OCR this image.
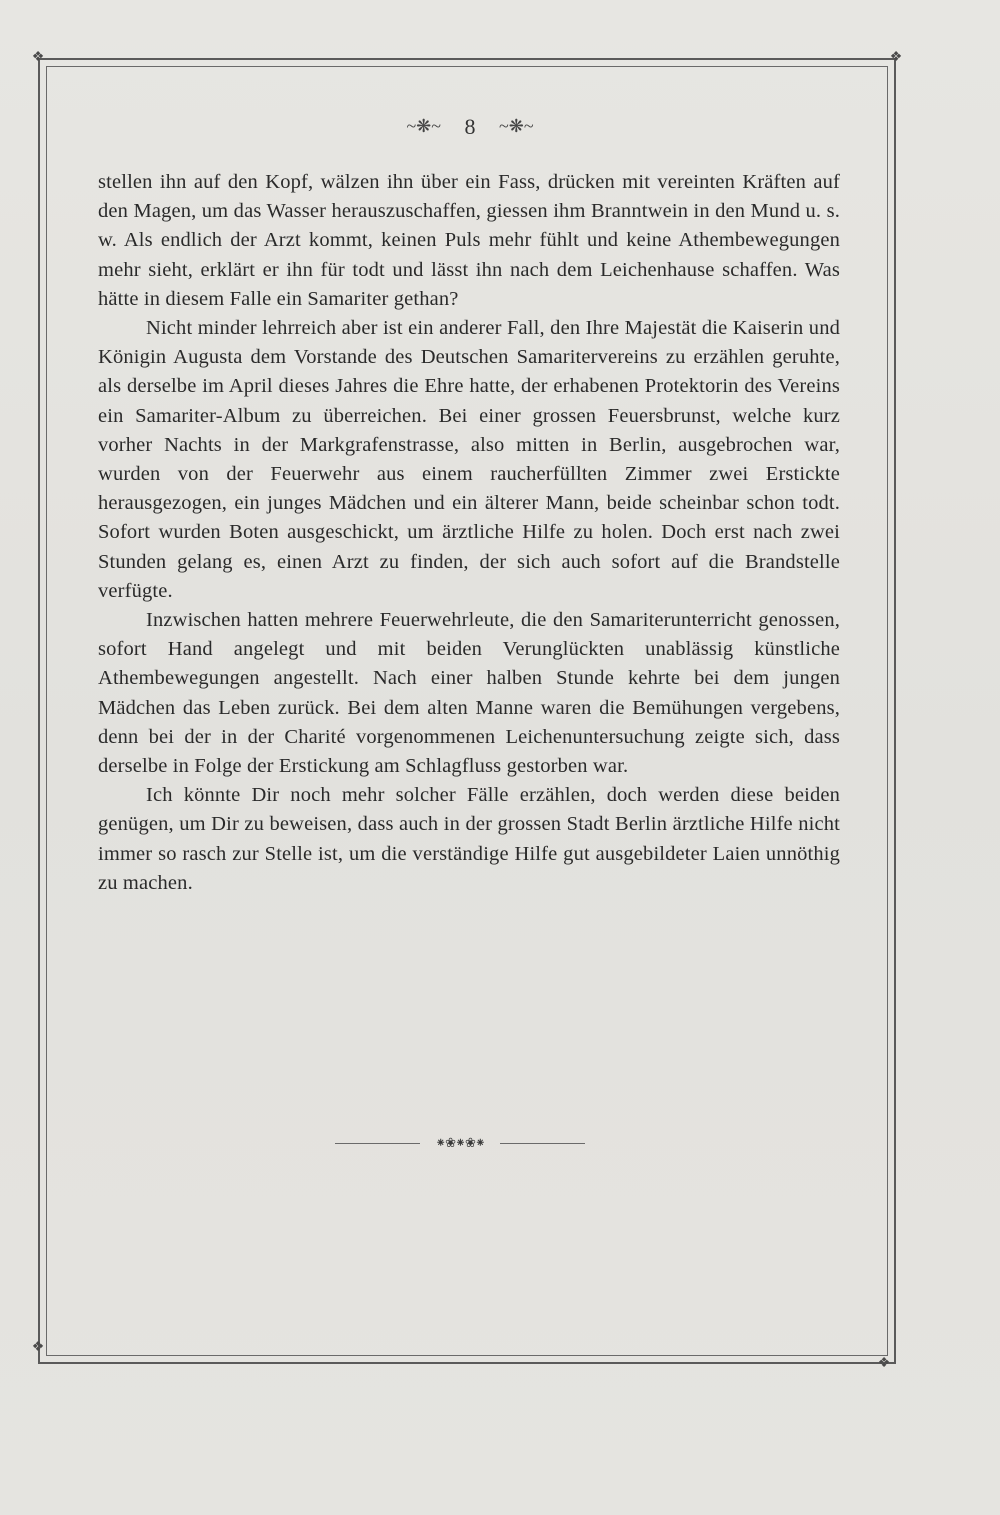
❖	❖
❖
❖
~❋~ 8 ~❋~

stellen ihn auf den Kopf, wälzen ihn über ein Fass, drücken mit vereinten Kräften auf den Magen, um das Wasser herauszuschaffen, giessen ihm Branntwein in den Mund u. s. w. Als endlich der Arzt kommt, keinen Puls mehr fühlt und keine Athembewegungen mehr sieht, erklärt er ihn für todt und lässt ihn nach dem Leichenhause schaffen. Was hätte in diesem Falle ein Samariter gethan?

Nicht minder lehrreich aber ist ein anderer Fall, den Ihre Majestät die Kaiserin und Königin Augusta dem Vorstande des Deutschen Samaritervereins zu erzählen geruhte, als derselbe im April dieses Jahres die Ehre hatte, der erhabenen Protektorin des Vereins ein Samariter-Album zu überreichen. Bei einer grossen Feuersbrunst, welche kurz vorher Nachts in der Markgrafenstrasse, also mitten in Berlin, ausgebrochen war, wurden von der Feuerwehr aus einem raucherfüllten Zimmer zwei Erstickte herausgezogen, ein junges Mädchen und ein älterer Mann, beide scheinbar schon todt. Sofort wurden Boten ausgeschickt, um ärztliche Hilfe zu holen. Doch erst nach zwei Stunden gelang es, einen Arzt zu finden, der sich auch sofort auf die Brandstelle verfügte.

Inzwischen hatten mehrere Feuerwehrleute, die den Samariterunterricht genossen, sofort Hand angelegt und mit beiden Verunglückten unablässig künstliche Athembewegungen angestellt. Nach einer halben Stunde kehrte bei dem jungen Mädchen das Leben zurück. Bei dem alten Manne waren die Bemühungen vergebens, denn bei der in der Charité vorgenommenen Leichenuntersuchung zeigte sich, dass derselbe in Folge der Erstickung am Schlagfluss gestorben war.

Ich könnte Dir noch mehr solcher Fälle erzählen, doch werden diese beiden genügen, um Dir zu beweisen, dass auch in der grossen Stadt Berlin ärztliche Hilfe nicht immer so rasch zur Stelle ist, um die verständige Hilfe gut ausgebildeter Laien unnöthig zu machen.

⁕❀⁕❀⁕
